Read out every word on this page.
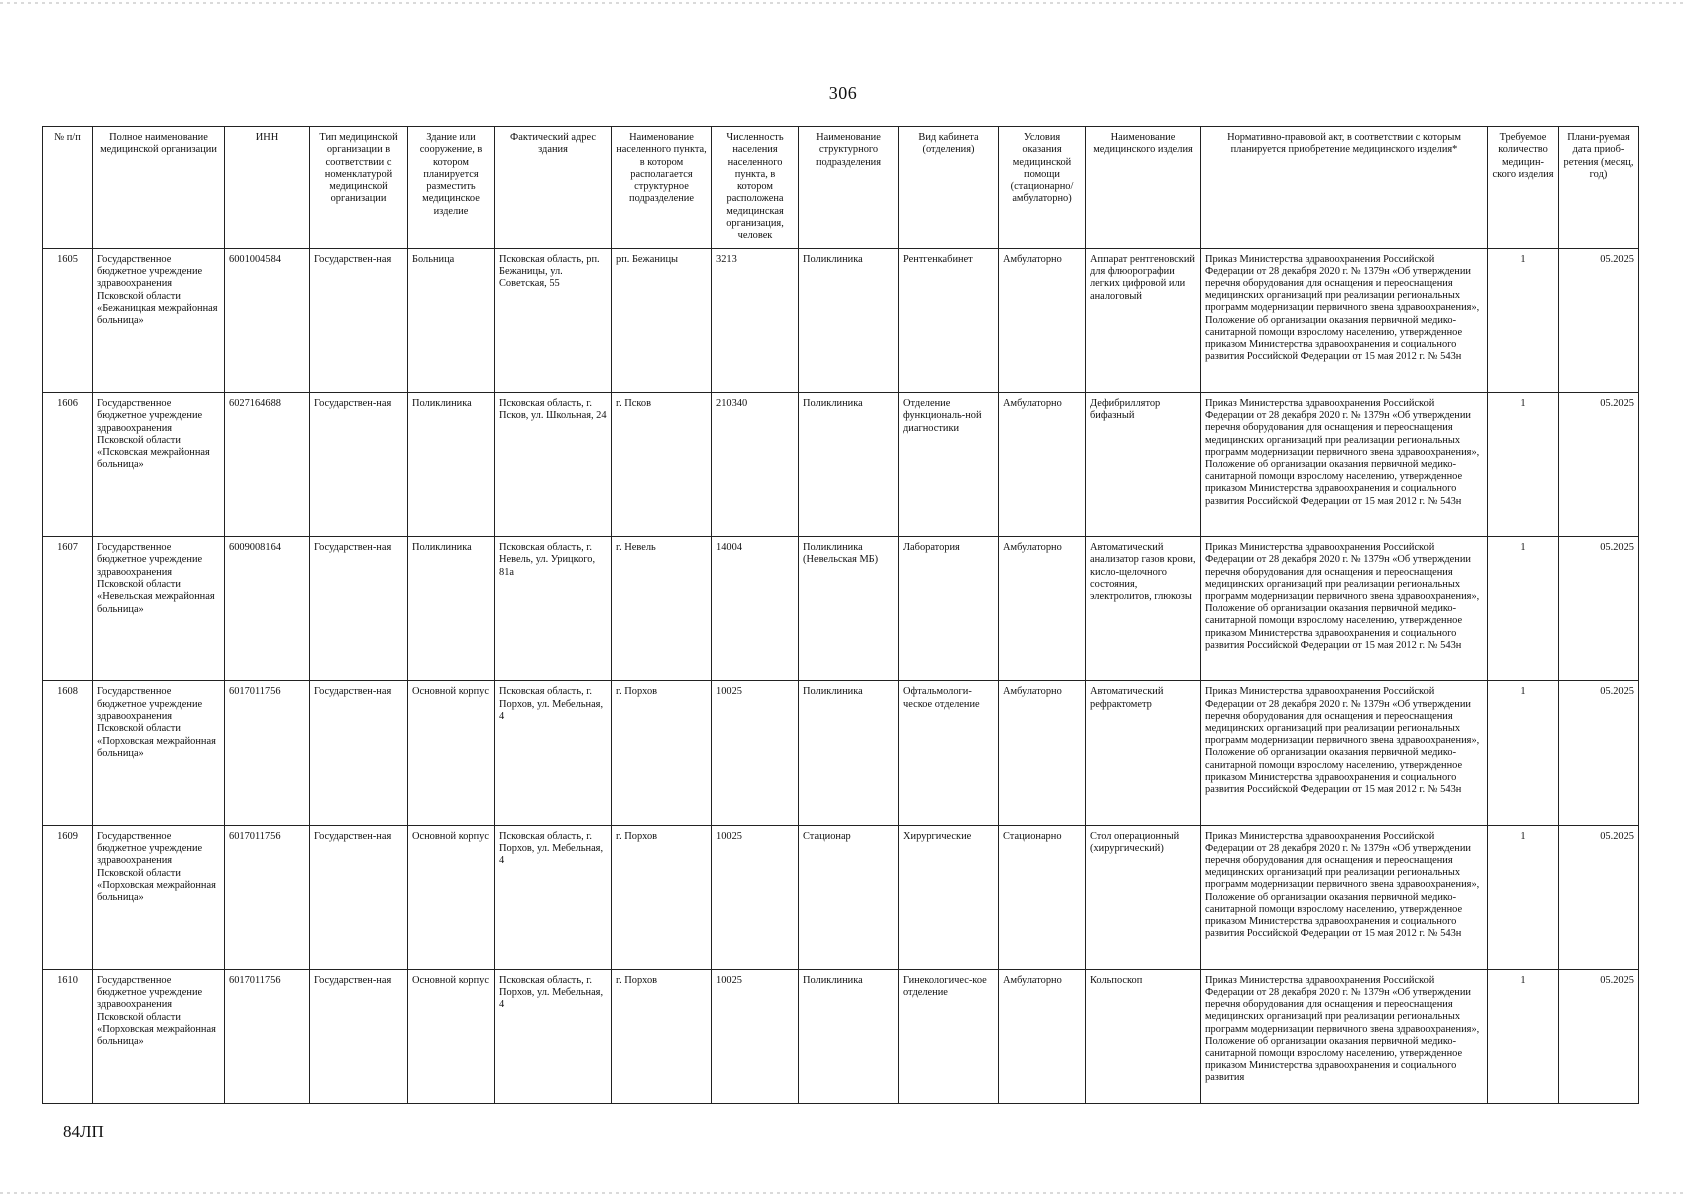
306
№ п/п	Полное наименование медицинской организации	ИНН	Тип медицинской организации в соответствии с номенклатурой медицинской организации	Здание или сооружение, в котором планируется разместить медицинское изделие	Фактический адрес здания	Наименование населенного пункта, в котором располагается структурное подразделение	Численность населения населенного пункта, в котором расположена медицинская организация, человек	Наименование структурного подразделения	Вид кабинета (отделения)	Условия оказания медицинской помощи (стационарно/ амбулаторно)	Наименование медицинского изделия	Нормативно-правовой акт, в соответствии с которым планируется приобретение медицинского изделия*	Требуемое количество медицин-ского изделия	Плани-руемая дата приоб-ретения (месяц, год)
1605	Государственное бюджетное учреждение здравоохранения Псковской области «Бежаницкая межрайонная больница»	6001004584	Государствен-ная	Больница	Псковская область, рп. Бежаницы, ул. Советская, 55	рп. Бежаницы	3213	Поликлиника	Рентгенкабинет	Амбулаторно	Аппарат рентгеновский для флюорографии легких цифровой или аналоговый	Приказ Министерства здравоохранения Российской Федерации от 28 декабря 2020 г. № 1379н «Об утверждении перечня оборудования для оснащения и переоснащения медицинских организаций при реализации региональных программ модернизации первичного звена здравоохранения», Положение об организации оказания первичной медико-санитарной помощи взрослому населению, утвержденное приказом Министерства здравоохранения и социального развития Российской Федерации от 15 мая 2012 г. № 543н	1	05.2025
1606	Государственное бюджетное учреждение здравоохранения Псковской области «Псковская межрайонная больница»	6027164688	Государствен-ная	Поликлиника	Псковская область, г. Псков, ул. Школьная, 24	г. Псков	210340	Поликлиника	Отделение функциональ-ной диагностики	Амбулаторно	Дефибриллятор бифазный	Приказ Министерства здравоохранения Российской Федерации от 28 декабря 2020 г. № 1379н «Об утверждении перечня оборудования для оснащения и переоснащения медицинских организаций при реализации региональных программ модернизации первичного звена здравоохранения», Положение об организации оказания первичной медико-санитарной помощи взрослому населению, утвержденное приказом Министерства здравоохранения и социального развития Российской Федерации от 15 мая 2012 г. № 543н	1	05.2025
1607	Государственное бюджетное учреждение здравоохранения Псковской области «Невельская межрайонная больница»	6009008164	Государствен-ная	Поликлиника	Псковская область, г. Невель, ул. Урицкого, 81а	г. Невель	14004	Поликлиника (Невельская МБ)	Лаборатория	Амбулаторно	Автоматический анализатор газов крови, кисло-щелочного состояния, электролитов, глюкозы	Приказ Министерства здравоохранения Российской Федерации от 28 декабря 2020 г. № 1379н «Об утверждении перечня оборудования для оснащения и переоснащения медицинских организаций при реализации региональных программ модернизации первичного звена здравоохранения», Положение об организации оказания первичной медико-санитарной помощи взрослому населению, утвержденное приказом Министерства здравоохранения и социального развития Российской Федерации от 15 мая 2012 г. № 543н	1	05.2025
1608	Государственное бюджетное учреждение здравоохранения Псковской области «Порховская межрайонная больница»	6017011756	Государствен-ная	Основной корпус	Псковская область, г. Порхов, ул. Мебельная, 4	г. Порхов	10025	Поликлиника	Офтальмологи-ческое отделение	Амбулаторно	Автоматический рефрактометр	Приказ Министерства здравоохранения Российской Федерации от 28 декабря 2020 г. № 1379н «Об утверждении перечня оборудования для оснащения и переоснащения медицинских организаций при реализации региональных программ модернизации первичного звена здравоохранения», Положение об организации оказания первичной медико-санитарной помощи взрослому населению, утвержденное приказом Министерства здравоохранения и социального развития Российской Федерации от 15 мая 2012 г. № 543н	1	05.2025
1609	Государственное бюджетное учреждение здравоохранения Псковской области «Порховская межрайонная больница»	6017011756	Государствен-ная	Основной корпус	Псковская область, г. Порхов, ул. Мебельная, 4	г. Порхов	10025	Стационар	Хирургические	Стационарно	Стол операционный (хирургический)	Приказ Министерства здравоохранения Российской Федерации от 28 декабря 2020 г. № 1379н «Об утверждении перечня оборудования для оснащения и переоснащения медицинских организаций при реализации региональных программ модернизации первичного звена здравоохранения», Положение об организации оказания первичной медико-санитарной помощи взрослому населению, утвержденное приказом Министерства здравоохранения и социального развития Российской Федерации от 15 мая 2012 г. № 543н	1	05.2025
1610	Государственное бюджетное учреждение здравоохранения Псковской области «Порховская межрайонная больница»	6017011756	Государствен-ная	Основной корпус	Псковская область, г. Порхов, ул. Мебельная, 4	г. Порхов	10025	Поликлиника	Гинекологичес-кое отделение	Амбулаторно	Кольпоскоп	Приказ Министерства здравоохранения Российской Федерации от 28 декабря 2020 г. № 1379н «Об утверждении перечня оборудования для оснащения и переоснащения медицинских организаций при реализации региональных программ модернизации первичного звена здравоохранения», Положение об организации оказания первичной медико-санитарной помощи взрослому населению, утвержденное приказом Министерства здравоохранения и социального развития	1	05.2025
84ЛП
